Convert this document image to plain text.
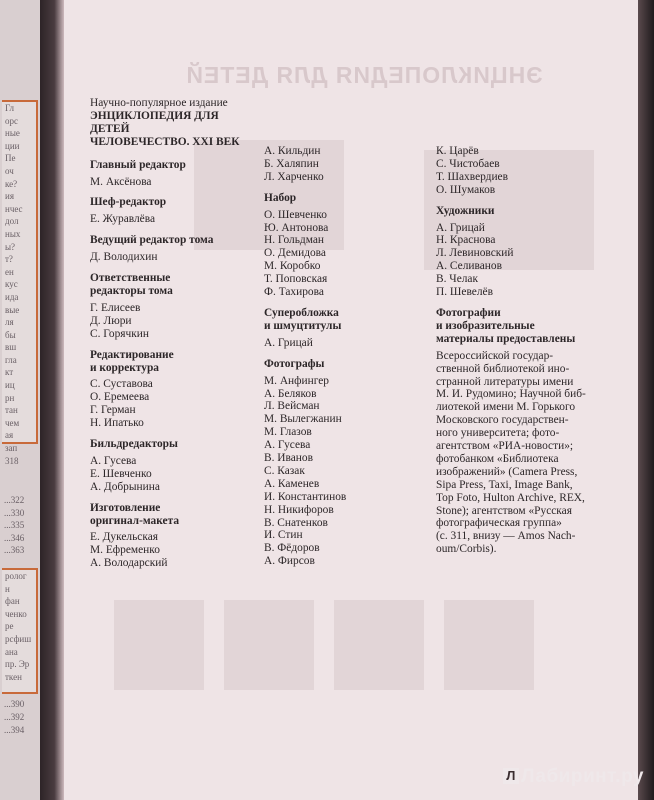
Гл
орс
ные
ции
Пе
оч
ке?
ия
нчес
дол
ных
ы?
т?
ен
кус
ида
вые
ля
бы
вш
гла
кт
иц
рн
тан
чем
ая
зап
318
...322
...330
...335
...346
...363
ролог
н
фан
ченко
ре
рсфиш
ана
пр. Эр
ткен
...390
...392
...394
ЭНЦИКЛОПЕДИЯ ДЛЯ ДЕТЕЙ
Научно-популярное издание
ЭНЦИКЛОПЕДИЯ ДЛЯ ДЕТЕЙ
ЧЕЛОВЕЧЕСТВО. XXI ВЕК
Главный редактор
М. Аксёнова
Шеф-редактор
Е. Журавлёва
Ведущий редактор тома
Д. Володихин
Ответственные
редакторы тома
Г. Елисеев
Д. Люри
С. Горячкин
Редактирование
и корректура
С. Суставова
О. Еремеева
Г. Герман
Н. Ипатько
Бильдредакторы
А. Гусева
Е. Шевченко
А. Добрынина
Изготовление
оригинал-макета
Е. Дукельская
М. Ефременко
А. Володарский
А. Кильдин
Б. Халяпин
Л. Харченко
Набор
О. Шевченко
Ю. Антонова
Н. Гольдман
О. Демидова
М. Коробко
Т. Поповская
Ф. Тахирова
Суперобложка
и шмуцтитулы
А. Грицай
Фотографы
М. Анфингер
А. Беляков
Л. Вейсман
М. Вылегжанин
М. Глазов
А. Гусева
В. Иванов
С. Казак
А. Каменев
И. Константинов
Н. Никифоров
В. Снатенков
И. Стин
В. Фёдоров
А. Фирсов
К. Царёв
С. Чистобаев
Т. Шахвердиев
О. Шумаков
Художники
А. Грицай
Н. Краснова
Л. Левиновский
А. Селиванов
В. Челак
П. Шевелёв
Фотографии
и изобразительные
материалы предоставлены
Всероссийской государ-
ственной библиотекой ино-
странной литературы имени
М. И. Рудомино; Научной биб-
лиотекой имени М. Горького
Московского государствен-
ного университета; фото-
агентством «РИА-новости»;
фотобанком «Библиотека
изображений» (Camera Press,
Sipa Press, Taxi, Image Bank,
Top Foto, Hulton Archive, REX,
Stone); агентством «Русская
фотографическая группа»
(с. 311, внизу — Amos Nach-
oum/Corbis).
Л Лабиринт.ру
